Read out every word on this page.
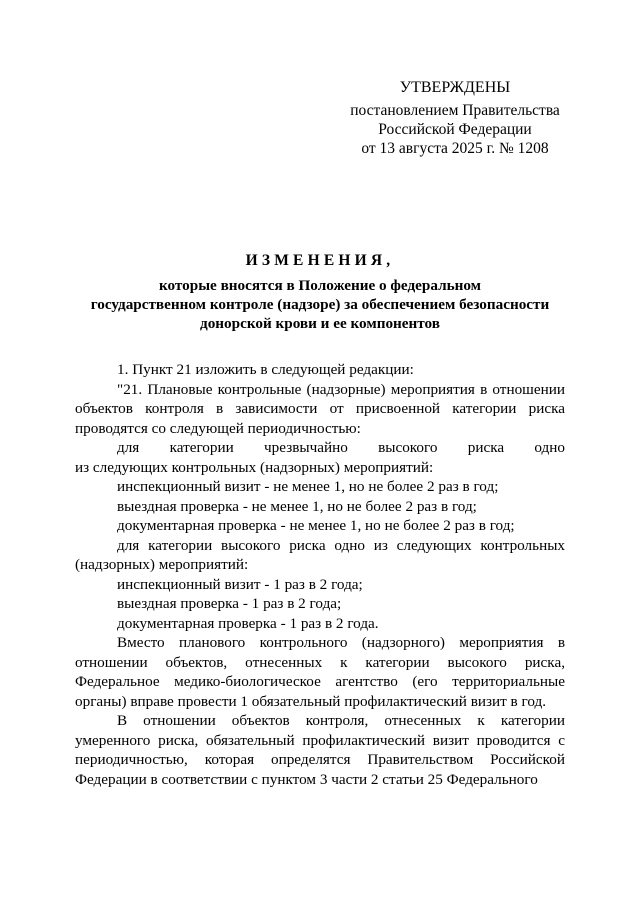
УТВЕРЖДЕНЫ
постановлением Правительства
Российской Федерации
от 13 августа 2025 г. № 1208
ИЗМЕНЕНИЯ,
которые вносятся в Положение о федеральном
государственном контроле (надзоре) за обеспечением безопасности
донорской крови и ее компонентов

1. Пункт 21 изложить в следующей редакции:

"21. Плановые контрольные (надзорные) мероприятия в отношении объектов контроля в зависимости от присвоенной категории риска проводятся со следующей периодичностью:

для категории чрезвычайно высокого риска одно

из следующих контрольных (надзорных) мероприятий:

инспекционный визит - не менее 1, но не более 2 раз в год;

выездная проверка - не менее 1, но не более 2 раз в год;

документарная проверка - не менее 1, но не более 2 раз в год;

для категории высокого риска одно из следующих контрольных (надзорных) мероприятий:

инспекционный визит - 1 раз в 2 года;

выездная проверка - 1 раз в 2 года;

документарная проверка - 1 раз в 2 года.

Вместо планового контрольного (надзорного) мероприятия в отношении объектов, отнесенных к категории высокого риска, Федеральное медико-биологическое агентство (его территориальные органы) вправе провести 1 обязательный профилактический визит в год.

В отношении объектов контроля, отнесенных к категории умеренного риска, обязательный профилактический визит проводится с периодичностью, которая определятся Правительством Российской Федерации в соответствии с пунктом 3 части 2 статьи 25 Федерального
